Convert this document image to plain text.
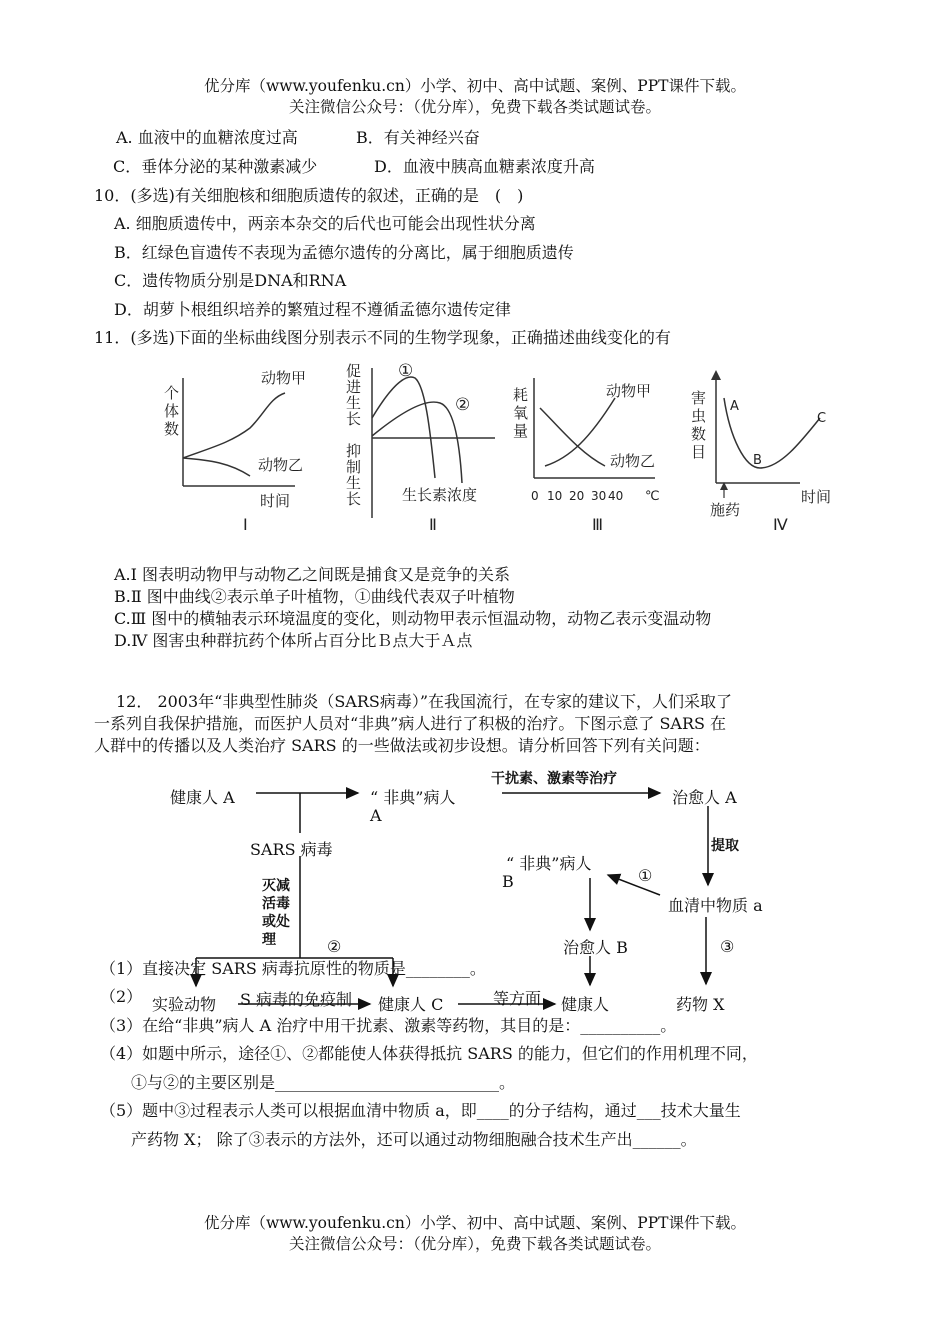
优分库（www.youfenku.cn）小学、初中、高中试题、案例、PPT课件下载。
关注微信公众号：（优分库），免费下载各类试题试卷。
A. 血液中的血糖浓度过高	B．有关神经兴奋
C．垂体分泌的某种激素减少	D．血液中胰高血糖素浓度升高
10．(多选)有关细胞核和细胞质遗传的叙述，正确的是　(　)
A. 细胞质遗传中，两亲本杂交的后代也可能会出现性状分离
B．红绿色盲遗传不表现为孟德尔遗传的分离比，属于细胞质遗传
C．遗传物质分别是DNA和RNA
D．胡萝卜根组织培养的繁殖过程不遵循孟德尔遗传定律
11．(多选)下面的坐标曲线图分别表示不同的生物学现象，正确描述曲线变化的有
个
体
数
动物甲
动物乙
时间
Ⅰ
促
进
生
长
抑
制
生
长
①
②
生长素浓度
Ⅱ
耗
氧
量
动物甲
动物乙
0 10 20 30 40 ℃
Ⅲ
害
虫
数
目
A
B
C
施药
时间
Ⅳ
A.Ⅰ 图表明动物甲与动物乙之间既是捕食又是竞争的关系
B.Ⅱ 图中曲线②表示单子叶植物，①曲线代表双子叶植物
C.Ⅲ 图中的横轴表示环境温度的变化，则动物甲表示恒温动物，动物乙表示变温动物
D.Ⅳ 图害虫种群抗药个体所占百分比Ｂ点大于Ａ点
12． 2003年“非典型性肺炎（SARS病毒）”在我国流行，在专家的建议下，人们采取了
一系列自我保护措施，而医护人员对“非典”病人进行了积极的治疗。下图示意了 SARS 在
人群中的传播以及人类治疗 SARS 的一些做法或初步设想。请分析回答下列有关问题：
健康人 A	“ 非典”病人
A
干扰素、激素等治疗
治愈人 A
提取
SARS 病毒
“ 非典”病人
B	①
血清中物质 a
灭减
活毒
或处
理	②	治愈人 B	③
（1）直接决定 SARS 病毒抗原性的物质是________。
（2） 实验动物 S 病毒的免疫制 健康人 C	等方面 健康人	药物 X
（3）在给“非典”病人 A 治疗中用干扰素、激素等药物，其目的是：__________。
（4）如题中所示，途径①、②都能使人体获得抵抗 SARS 的能力，但它们的作用机理不同，
①与②的主要区别是____________________________。
（5）题中③过程表示人类可以根据血清中物质 a，即____的分子结构，通过___技术大量生
产药物 X； 除了③表示的方法外，还可以通过动物细胞融合技术生产出______。
优分库（www.youfenku.cn）小学、初中、高中试题、案例、PPT课件下载。
关注微信公众号：（优分库），免费下载各类试题试卷。
